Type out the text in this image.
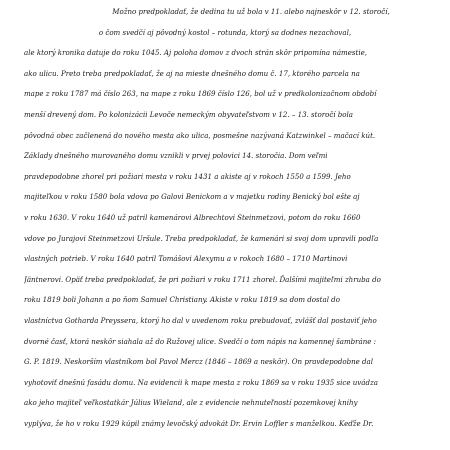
Možno predpokladať, že dedina tu už bola v 11. alebo najneskôr v 12. storočí,
o čom svedčí aj pôvodný kostol – rotunda, ktorý sa dodnes nezachoval,
ale ktorý kronika datuje do roku 1045. Aj poloha domov z dvoch strán skôr pripomína námestie,
ako ulicu. Preto treba predpokladať, že aj na mieste dnešného domu č. 17, ktorého parcela na
mape z roku 1787 má číslo 263, na mape z roku 1869 číslo 126, bol už v predkolonizačnom období
menší drevený dom. Po kolonizácii Levoče nemeckým obyvateľstvom v 12. – 13. storočí bola
pôvodná obec začlenená do nového mesta ako ulica, posmešne nazývaná Katzwinkel – mačací kút.
Základy dnešného murovaného domu vznikli v prvej polovici 14. storočia. Dom veľmi
pravdepodobne zhorel pri požiari mesta v roku 1431 a akiste aj v rokoch 1550 a 1599. Jeho
majiteľkou v roku 1580 bola vdova po Galovi Benickom a v majetku rodiny Benický bol ešte aj
v roku 1630. V roku 1640 už patril kamenárovi Albrechtovi Steinmetzovi, potom do roku 1660
vdove po Jurajovi Steinmetzovi Uršule. Treba predpokladať, že kamenári si svoj dom upravili podľa
vlastných potrieb. V roku 1640 patril Tomášovi Alexymu a v rokoch 1680 – 1710 Martinovi
Jäntnerovi. Opäť treba predpokladať, že pri požiari v roku 1711 zhorel. Ďalšími majiteľmi zhruba do
roku 1819 boli Johann a po ňom Samuel Christiany. Akiste v roku 1819 sa dom dostal do
vlastníctva Gotharda Preyssera, ktorý ho dal v uvedenom roku prebudovať, zvlášť dal postaviť jeho
dvorné časť, ktorá neskôr siahala až do Ružovej ulice. Svedčí o tom nápis na kamennej šambráne :
G. P. 1819. Neskorším vlastníkom bol Pavol Mercz (1846 – 1869 a neskôr). On pravdepodobne dal
vyhotoviť dnešnú fasádu domu. Na evidencii k mape mesta z roku 1869 sa v roku 1935 sice uvádza
ako jeho majiteľ veľkostatkár Július Wieland, ale z evidencie nehnuteľností pozemkovej knihy
vyplýva, že ho v roku 1929 kúpil známy levočský advokát Dr. Ervin Loffler s manželkou. Keďže Dr.
